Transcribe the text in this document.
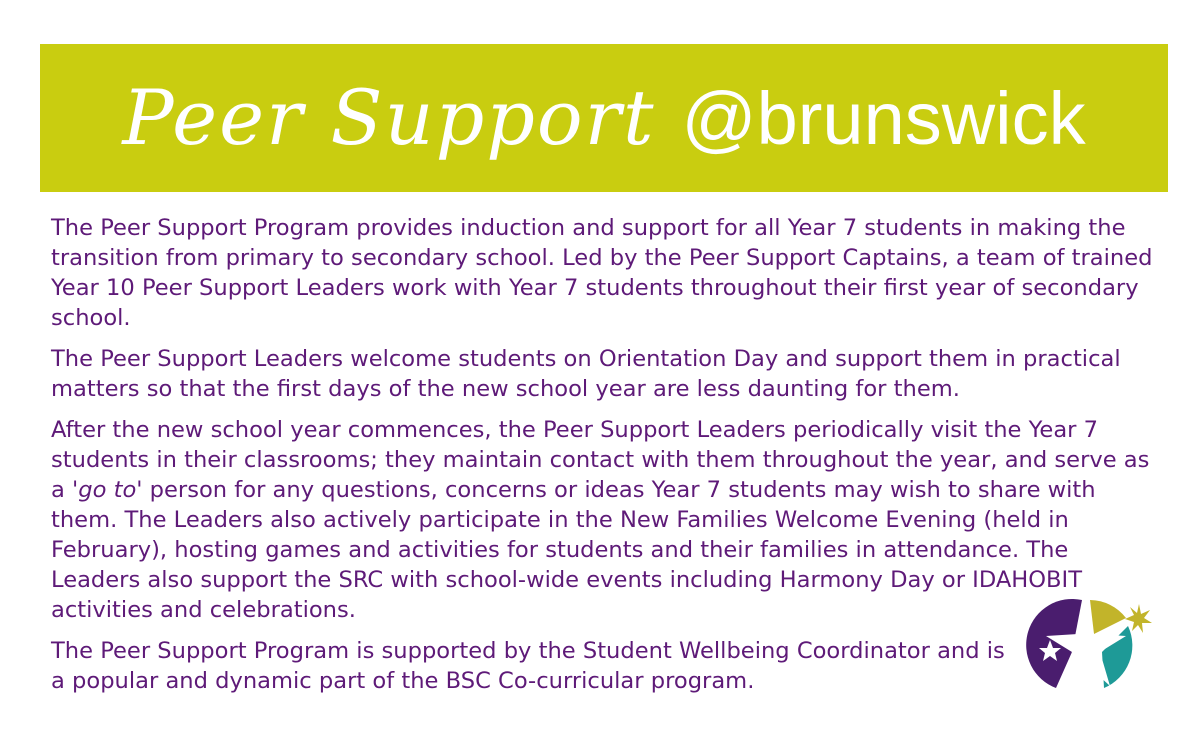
Peer Support @brunswick

The Peer Support Program provides induction and support for all Year 7 students in making the transition from primary to secondary school. Led by the Peer Support Captains, a team of trained Year 10 Peer Support Leaders work with Year 7 students throughout their first year of secondary school.

The Peer Support Leaders welcome students on Orientation Day and support them in practical matters so that the first days of the new school year are less daunting for them.

After the new school year commences, the Peer Support Leaders periodically visit the Year 7 students in their classrooms; they maintain contact with them throughout the year, and serve as a 'go to' person for any questions, concerns or ideas Year 7 students may wish to share with them. The Leaders also actively participate in the New Families Welcome Evening (held in February), hosting games and activities for students and their families in attendance. The Leaders also support the SRC with school-wide events including Harmony Day or IDAHOBIT activities and celebrations.

The Peer Support Program is supported by the Student Wellbeing Coordinator and is a popular and dynamic part of the BSC Co-curricular program.
